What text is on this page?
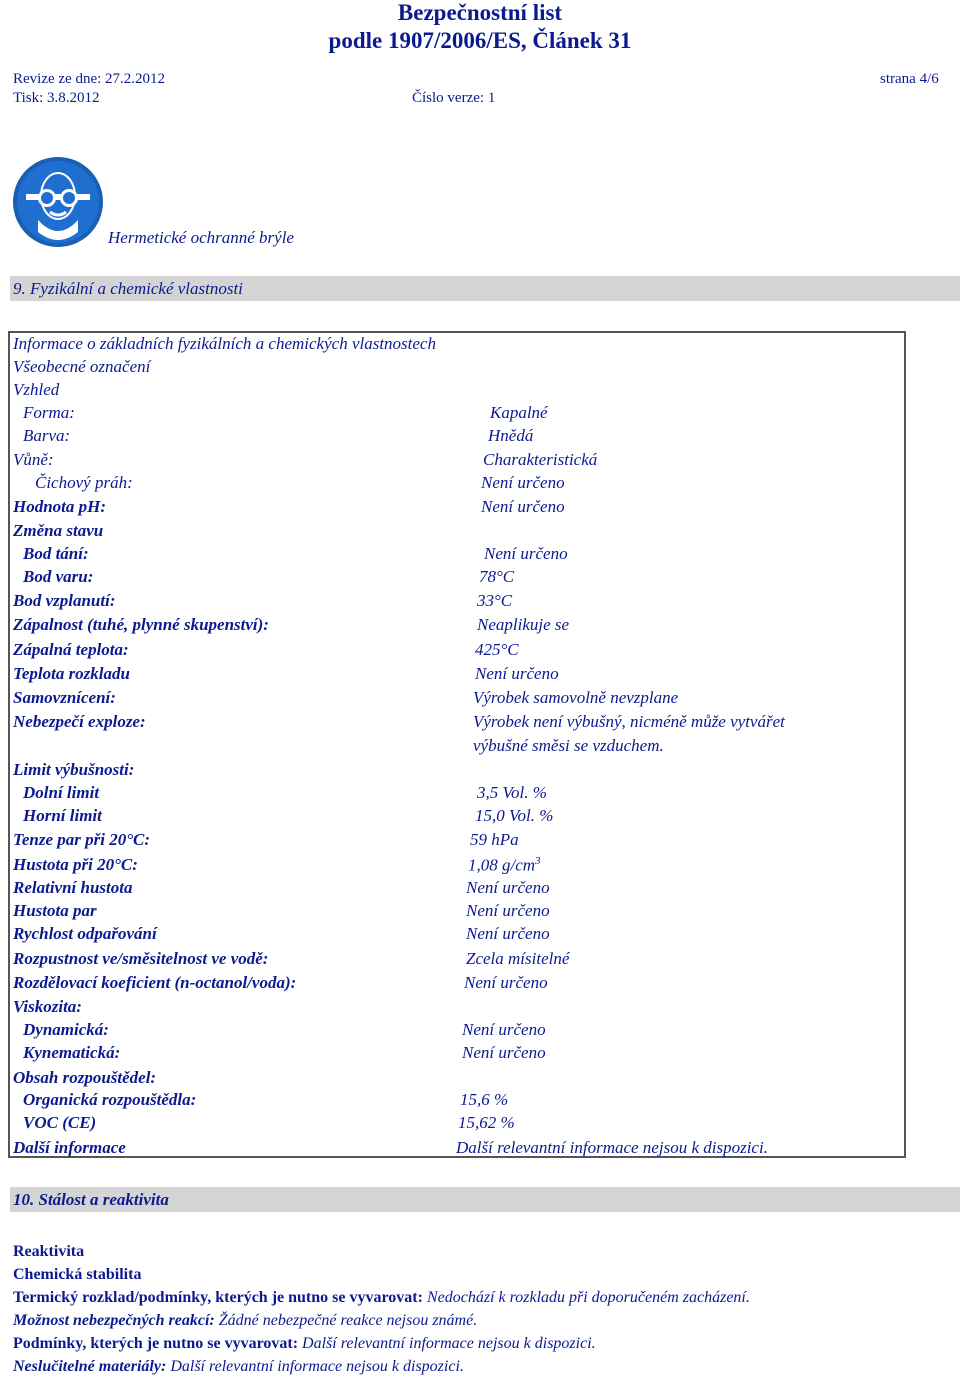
Bezpečnostní list
podle 1907/2006/ES, Článek 31
Revize ze dne: 27.2.2012	strana 4/6
Tisk: 3.8.2012	Číslo verze: 1
Hermetické ochranné brýle
9. Fyzikální a chemické vlastnosti
Informace o základních fyzikálních a chemických vlastnostech
Všeobecné označení
Vzhled
Forma:	Kapalné
Barva:	Hnědá
Vůně:	Charakteristická
Čichový práh:	Není určeno
Hodnota pH:	Není určeno
Změna stavu
Bod tání:	Není určeno
Bod varu:	78°C
Bod vzplanutí:	33°C
Zápalnost (tuhé, plynné skupenství):	Neaplikuje se
Zápalná teplota:	425°C
Teplota rozkladu	Není určeno
Samovznícení:	Výrobek samovolně nevzplane
Nebezpečí exploze:	Výrobek není výbušný, nicméně může vytvářet
výbušné směsi se vzduchem.
Limit výbušnosti:
Dolní limit	3,5 Vol. %
Horní limit	15,0 Vol. %
Tenze par při 20°C:	59 hPa
Hustota při 20°C:	1,08 $g/cm^3$
Relativní hustota	Není určeno
Hustota par	Není určeno
Rychlost odpařování	Není určeno
Rozpustnost ve/směsitelnost ve vodě:	Zcela mísitelné
Rozdělovací koeficient (n-octanol/voda):	Není určeno
Viskozita:
Dynamická:	Není určeno
Kynematická:	Není určeno
Obsah rozpouštědel:
Organická rozpouštědla:	15,6 %
VOC (CE)	15,62 %
Další informace	Další relevantní informace nejsou k dispozici.
10. Stálost a reaktivita
Reaktivita
Chemická stabilita
Termický rozklad/podmínky, kterých je nutno se vyvarovat: Nedochází k rozkladu při doporučeném zacházení.
Možnost nebezpečných reakcí: Žádné nebezpečné reakce nejsou známé.
Podmínky, kterých je nutno se vyvarovat: Další relevantní informace nejsou k dispozici.
Neslučitelné materiály: Další relevantní informace nejsou k dispozici.
